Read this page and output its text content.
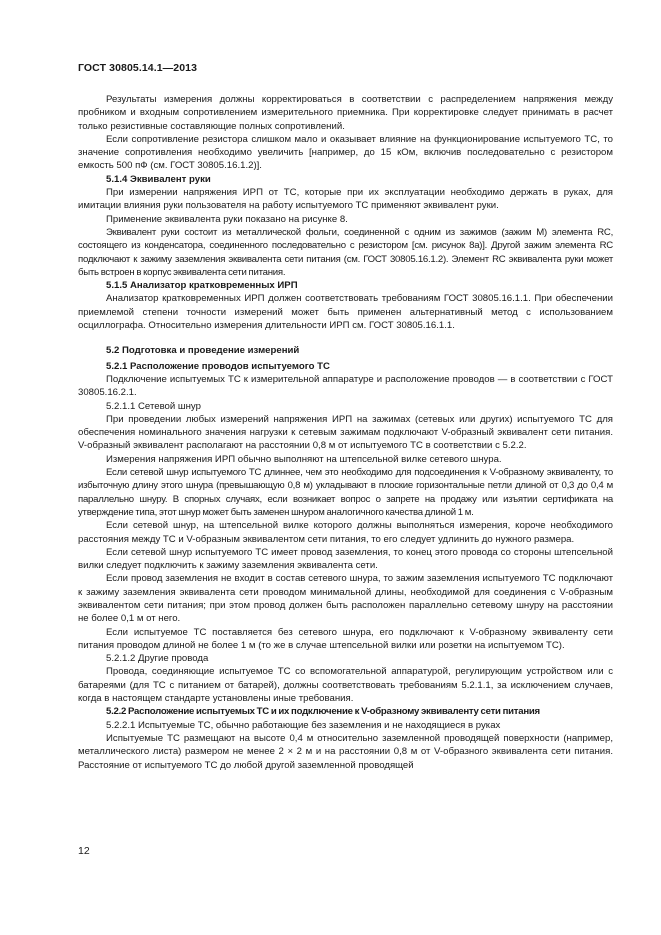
ГОСТ 30805.14.1—2013

Результаты измерения должны корректироваться в соответствии с распределением напряжения между пробником и входным сопротивлением измерительного приемника. При корректировке следует принимать в расчет только резистивные составляющие полных сопротивлений.

Если сопротивление резистора слишком мало и оказывает влияние на функционирование испытуемого ТС, то значение сопротивления необходимо увеличить [например, до 15 кОм, включив последовательно с резистором емкость 500 пФ (см. ГОСТ 30805.16.1.2)].

5.1.4 Эквивалент руки

При измерении напряжения ИРП от ТС, которые при их эксплуатации необходимо держать в руках, для имитации влияния руки пользователя на работу испытуемого ТС применяют эквивалент руки.

Применение эквивалента руки показано на рисунке 8.

Эквивалент руки состоит из металлической фольги, соединенной с одним из зажимов (зажим М) элемента RC, состоящего из конденсатора, соединенного последовательно с резистором [см. рисунок 8а)]. Другой зажим элемента RC подключают к зажиму заземления эквивалента сети питания (см. ГОСТ 30805.16.1.2). Элемент RC эквивалента руки может быть встроен в корпус эквивалента сети питания.

5.1.5 Анализатор кратковременных ИРП

Анализатор кратковременных ИРП должен соответствовать требованиям ГОСТ 30805.16.1.1. При обеспечении приемлемой степени точности измерений может быть применен альтернативный метод с использованием осциллографа. Относительно измерения длительности ИРП см. ГОСТ 30805.16.1.1.

5.2 Подготовка и проведение измерений

5.2.1 Расположение проводов испытуемого ТС

Подключение испытуемых ТС к измерительной аппаратуре и расположение проводов — в соответствии с ГОСТ 30805.16.2.1.

5.2.1.1 Сетевой шнур

При проведении любых измерений напряжения ИРП на зажимах (сетевых или других) испытуемого ТС для обеспечения номинального значения нагрузки к сетевым зажимам подключают V-образный эквивалент сети питания. V-образный эквивалент располагают на расстоянии 0,8 м от испытуемого ТС в соответствии с 5.2.2.

Измерения напряжения ИРП обычно выполняют на штепсельной вилке сетевого шнура.

Если сетевой шнур испытуемого ТС длиннее, чем это необходимо для подсоединения к V-образному эквиваленту, то избыточную длину этого шнура (превышающую 0,8 м) укладывают в плоские горизонтальные петли длиной от 0,3 до 0,4 м параллельно шнуру. В спорных случаях, если возникает вопрос о запрете на продажу или изъятии сертификата на утверждение типа, этот шнур может быть заменен шнуром аналогичного качества длиной 1 м.

Если сетевой шнур, на штепсельной вилке которого должны выполняться измерения, короче необходимого расстояния между ТС и V-образным эквивалентом сети питания, то его следует удлинить до нужного размера.

Если сетевой шнур испытуемого ТС имеет провод заземления, то конец этого провода со стороны штепсельной вилки следует подключить к зажиму заземления эквивалента сети.

Если провод заземления не входит в состав сетевого шнура, то зажим заземления испытуемого ТС подключают к зажиму заземления эквивалента сети проводом минимальной длины, необходимой для соединения с V-образным эквивалентом сети питания; при этом провод должен быть расположен параллельно сетевому шнуру на расстоянии не более 0,1 м от него.

Если испытуемое ТС поставляется без сетевого шнура, его подключают к V-образному эквиваленту сети питания проводом длиной не более 1 м (то же в случае штепсельной вилки или розетки на испытуемом ТС).

5.2.1.2 Другие провода

Провода, соединяющие испытуемое ТС со вспомогательной аппаратурой, регулирующим устройством или с батареями (для ТС с питанием от батарей), должны соответствовать требованиям 5.2.1.1, за исключением случаев, когда в настоящем стандарте установлены иные требования.

5.2.2 Расположение испытуемых ТС и их подключение к V-образному эквиваленту сети питания

5.2.2.1 Испытуемые ТС, обычно работающие без заземления и не находящиеся в руках

Испытуемые ТС размещают на высоте 0,4 м относительно заземленной проводящей поверхности (например, металлического листа) размером не менее 2 × 2 м и на расстоянии 0,8 м от V-образного эквивалента сети питания. Расстояние от испытуемого ТС до любой другой заземленной проводящей

12
